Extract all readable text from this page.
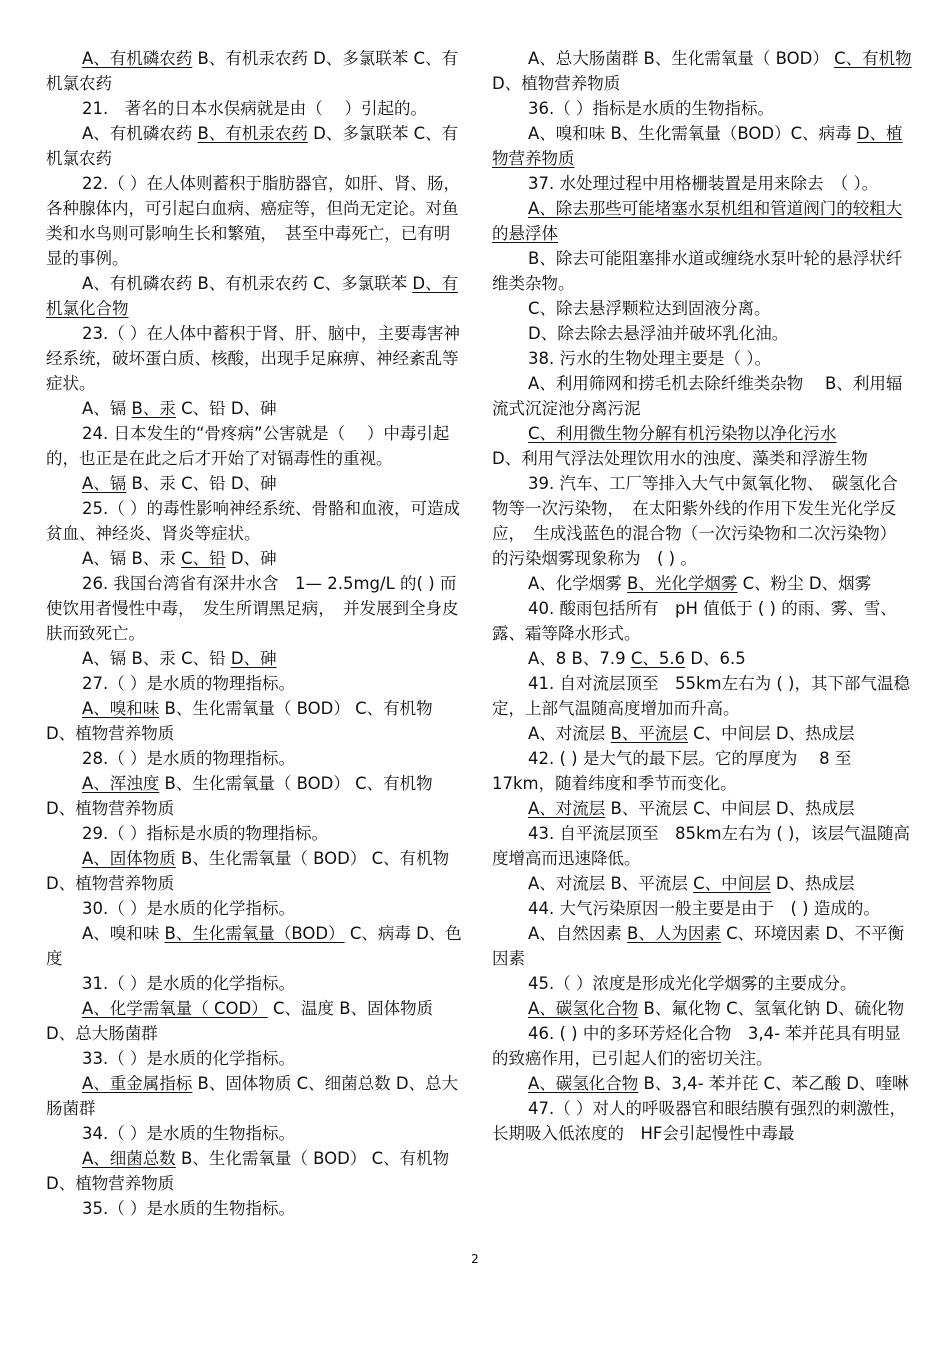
A、有机磷农药 B、有机汞农药 D、多氯联苯 C、有机氯农药

21.　著名的日本水俣病就是由（　 ）引起的。

A、有机磷农药 B、有机汞农药 D、多氯联苯 C、有机氯农药

22.（ ）在人体则蓄积于脂肪器官，如肝、肾、肠，各种腺体内，可引起白血病、癌症等，但尚无定论。对鱼类和水鸟则可影响生长和繁殖，　甚至中毒死亡，已有明显的事例。

A、有机磷农药 B、有机汞农药 C、多氯联苯 D、有机氯化合物

23.（ ）在人体中蓄积于肾、肝、脑中，主要毒害神经系统，破坏蛋白质、核酸，出现手足麻痹、神经紊乱等症状。

A、镉 B、汞 C、铅 D、砷

24. 日本发生的“骨疼病”公害就是（　 ）中毒引起的，也正是在此之后才开始了对镉毒性的重视。

A、镉 B、汞 C、铅 D、砷

25.（ ）的毒性影响神经系统、骨骼和血液，可造成贫血、神经炎、肾炎等症状。

A、镉 B、汞 C、铅 D、砷

26. 我国台湾省有深井水含　1— 2.5mg/L 的( ) 而使饮用者慢性中毒，　发生所谓黑足病，　并发展到全身皮肤而致死亡。

A、镉 B、汞 C、铅 D、砷

27.（ ）是水质的物理指标。

A、嗅和味 B、生化需氧量（ BOD） C、有机物 D、植物营养物质

28.（ ）是水质的物理指标。

A、浑浊度 B、生化需氧量（ BOD） C、有机物 D、植物营养物质

29.（ ）指标是水质的物理指标。

A、固体物质 B、生化需氧量（ BOD） C、有机物 D、植物营养物质

30.（ ）是水质的化学指标。

A、嗅和味 B、生化需氧量（BOD） C、病毒 D、色度

31.（ ）是水质的化学指标。

A、化学需氧量（ COD） C、温度 B、固体物质 D、总大肠菌群

33.（ ）是水质的化学指标。

A、重金属指标 B、固体物质 C、细菌总数 D、总大肠菌群

34.（ ）是水质的生物指标。

A、细菌总数 B、生化需氧量（ BOD） C、有机物 D、植物营养物质

35.（ ）是水质的生物指标。

A、总大肠菌群 B、生化需氧量（ BOD） C、有机物 D、植物营养物质

36.（ ）指标是水质的生物指标。

A、嗅和味 B、生化需氧量（BOD）C、病毒 D、植物营养物质

37. 水处理过程中用格栅装置是用来除去　（ ）。

A、除去那些可能堵塞水泵机组和管道阀门的较粗大的悬浮体

B、除去可能阻塞排水道或缠绕水泵叶轮的悬浮状纤维类杂物。

C、除去悬浮颗粒达到固液分离。

D、除去除去悬浮油并破坏乳化油。

38. 污水的生物处理主要是（ ）。

A、利用筛网和捞毛机去除纤维类杂物　 B、利用辐流式沉淀池分离污泥

C、利用微生物分解有机污染物以净化污水

D、利用气浮法处理饮用水的浊度、藻类和浮游生物

39. 汽车、工厂等排入大气中氮氧化物、　碳氢化合物等一次污染物，　在太阳紫外线的作用下发生光化学反应，　生成浅蓝色的混合物（一次污染物和二次污染物）的污染烟雾现象称为　( ) 。

A、化学烟雾 B、光化学烟雾 C、粉尘 D、烟雾

40. 酸雨包括所有　pH 值低于 ( ) 的雨、雾、雪、露、霜等降水形式。

A、8 B、7.9 C、5.6 D、6.5

41. 自对流层顶至　55km左右为 ( )，其下部气温稳定，上部气温随高度增加而升高。

A、对流层 B、平流层 C、中间层 D、热成层

42. ( ) 是大气的最下层。它的厚度为　 8 至17km，随着纬度和季节而变化。

A、对流层 B、平流层 C、中间层 D、热成层

43. 自平流层顶至　85km左右为 ( )，该层气温随高度增高而迅速降低。

A、对流层 B、平流层 C、中间层 D、热成层

44. 大气污染原因一般主要是由于　( ) 造成的。

A、自然因素 B、人为因素 C、环境因素 D、不平衡因素

45.（ ）浓度是形成光化学烟雾的主要成分。

A、碳氢化合物 B、氟化物 C、氢氧化钠 D、硫化物

46. ( ) 中的多环芳烃化合物　3,4- 苯并芘具有明显的致癌作用，已引起人们的密切关注。

A、碳氢化合物 B、3,4- 苯并芘 C、苯乙酸 D、喹啉

47.（ ）对人的呼吸器官和眼结膜有强烈的刺激性，长期吸入低浓度的　HF会引起慢性中毒最

2
